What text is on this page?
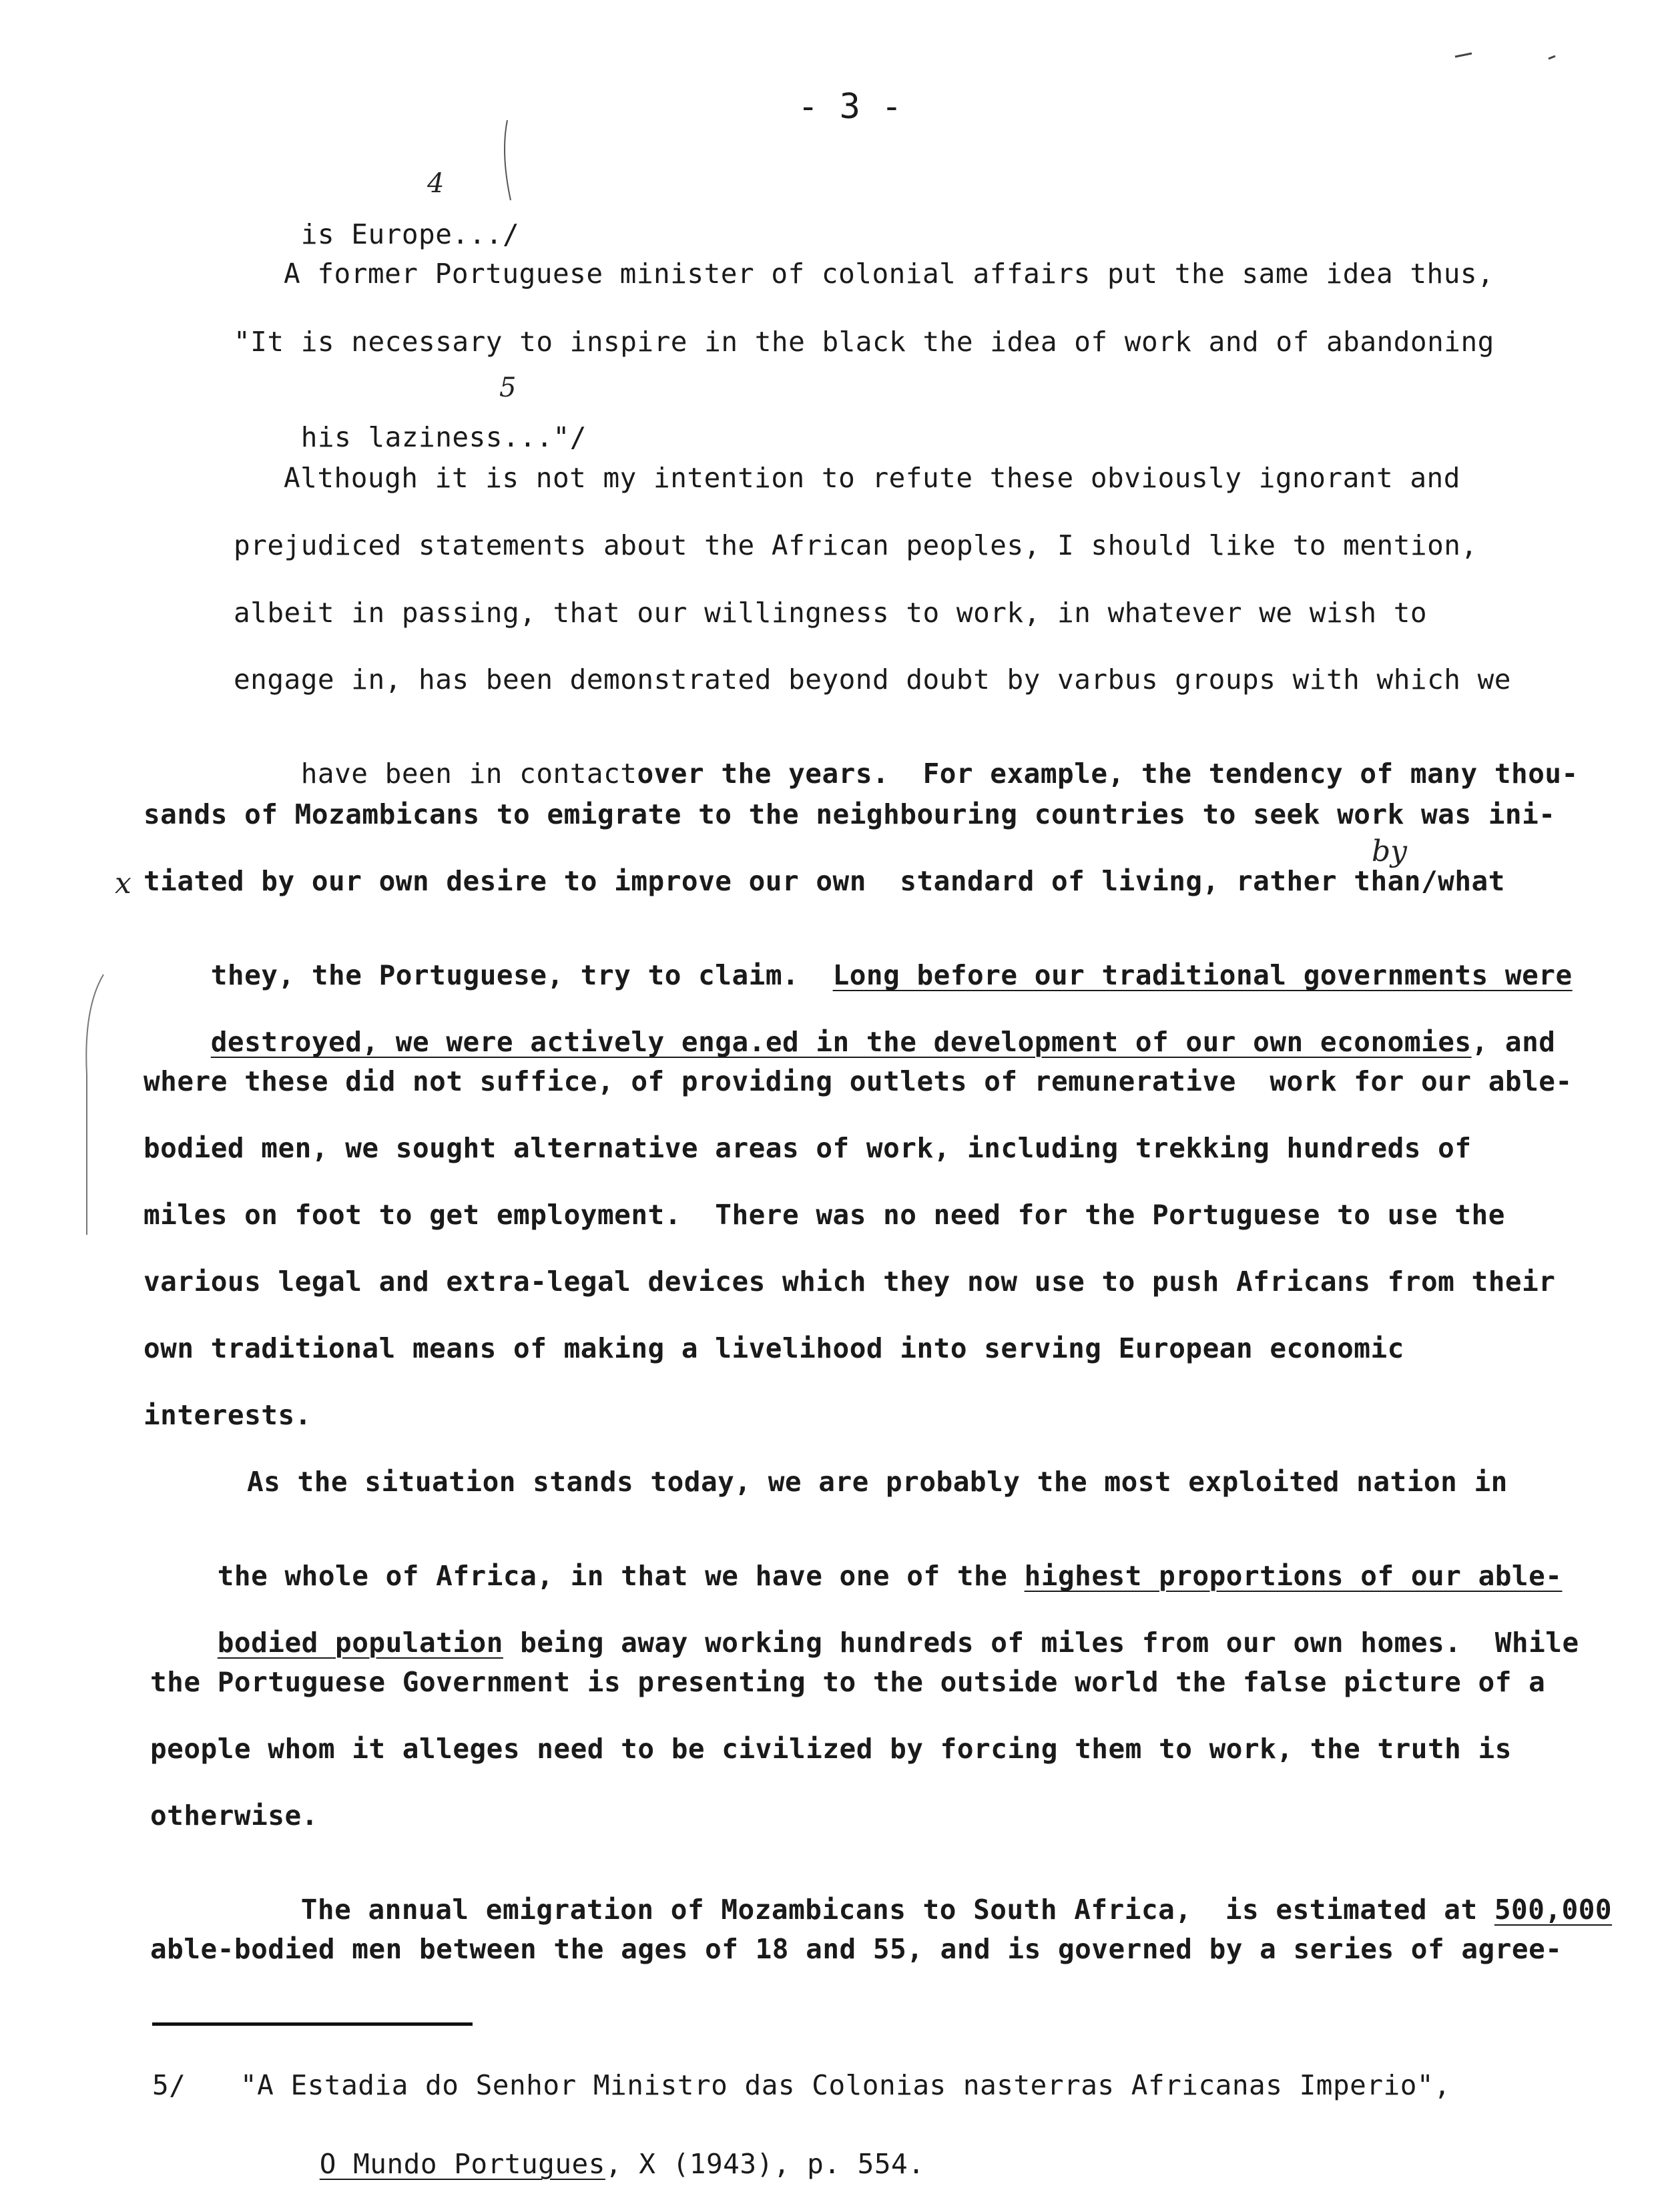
- 3 -

is Europe.../

4
A former Portuguese minister of colonial affairs put the same idea thus,
"It is necessary to inspire in the black the idea of work and of abandoning

his laziness..."/

5
Although it is not my intention to refute these obviously ignorant and
prejudiced statements about the African peoples, I should like to mention,
albeit in passing, that our willingness to work, in whatever we wish to
engage in, has been demonstrated beyond doubt by varbus groups with which we

have been in contactover the years.  For example, the tendency of many thou-

sands of Mozambicans to emigrate to the neighbouring countries to seek work was ini-
by
x tiated by our own desire to improve our own  standard of living, rather than/what

they, the Portuguese, try to claim.  Long before our traditional governments were

destroyed, we were actively enga.ed in the development of our own economies, and

where these did not suffice, of providing outlets of remunerative  work for our able-
bodied men, we sought alternative areas of work, including trekking hundreds of
miles on foot to get employment.  There was no need for the Portuguese to use the
various legal and extra-legal devices which they now use to push Africans from their
own traditional means of making a livelihood into serving European economic
interests.
As the situation stands today, we are probably the most exploited nation in

the whole of Africa, in that we have one of the highest proportions of our able-

bodied population being away working hundreds of miles from our own homes.  While

the Portuguese Government is presenting to the outside world the false picture of a
people whom it alleges need to be civilized by forcing them to work, the truth is
otherwise.

The annual emigration of Mozambicans to South Africa,  is estimated at 500,000

able-bodied men between the ages of 18 and 55, and is governed by a series of agree-
5/ "A Estadia do Senhor Ministro das Colonias nasterras Africanas Imperio",

O Mundo Portugues, X (1943), p. 554.
